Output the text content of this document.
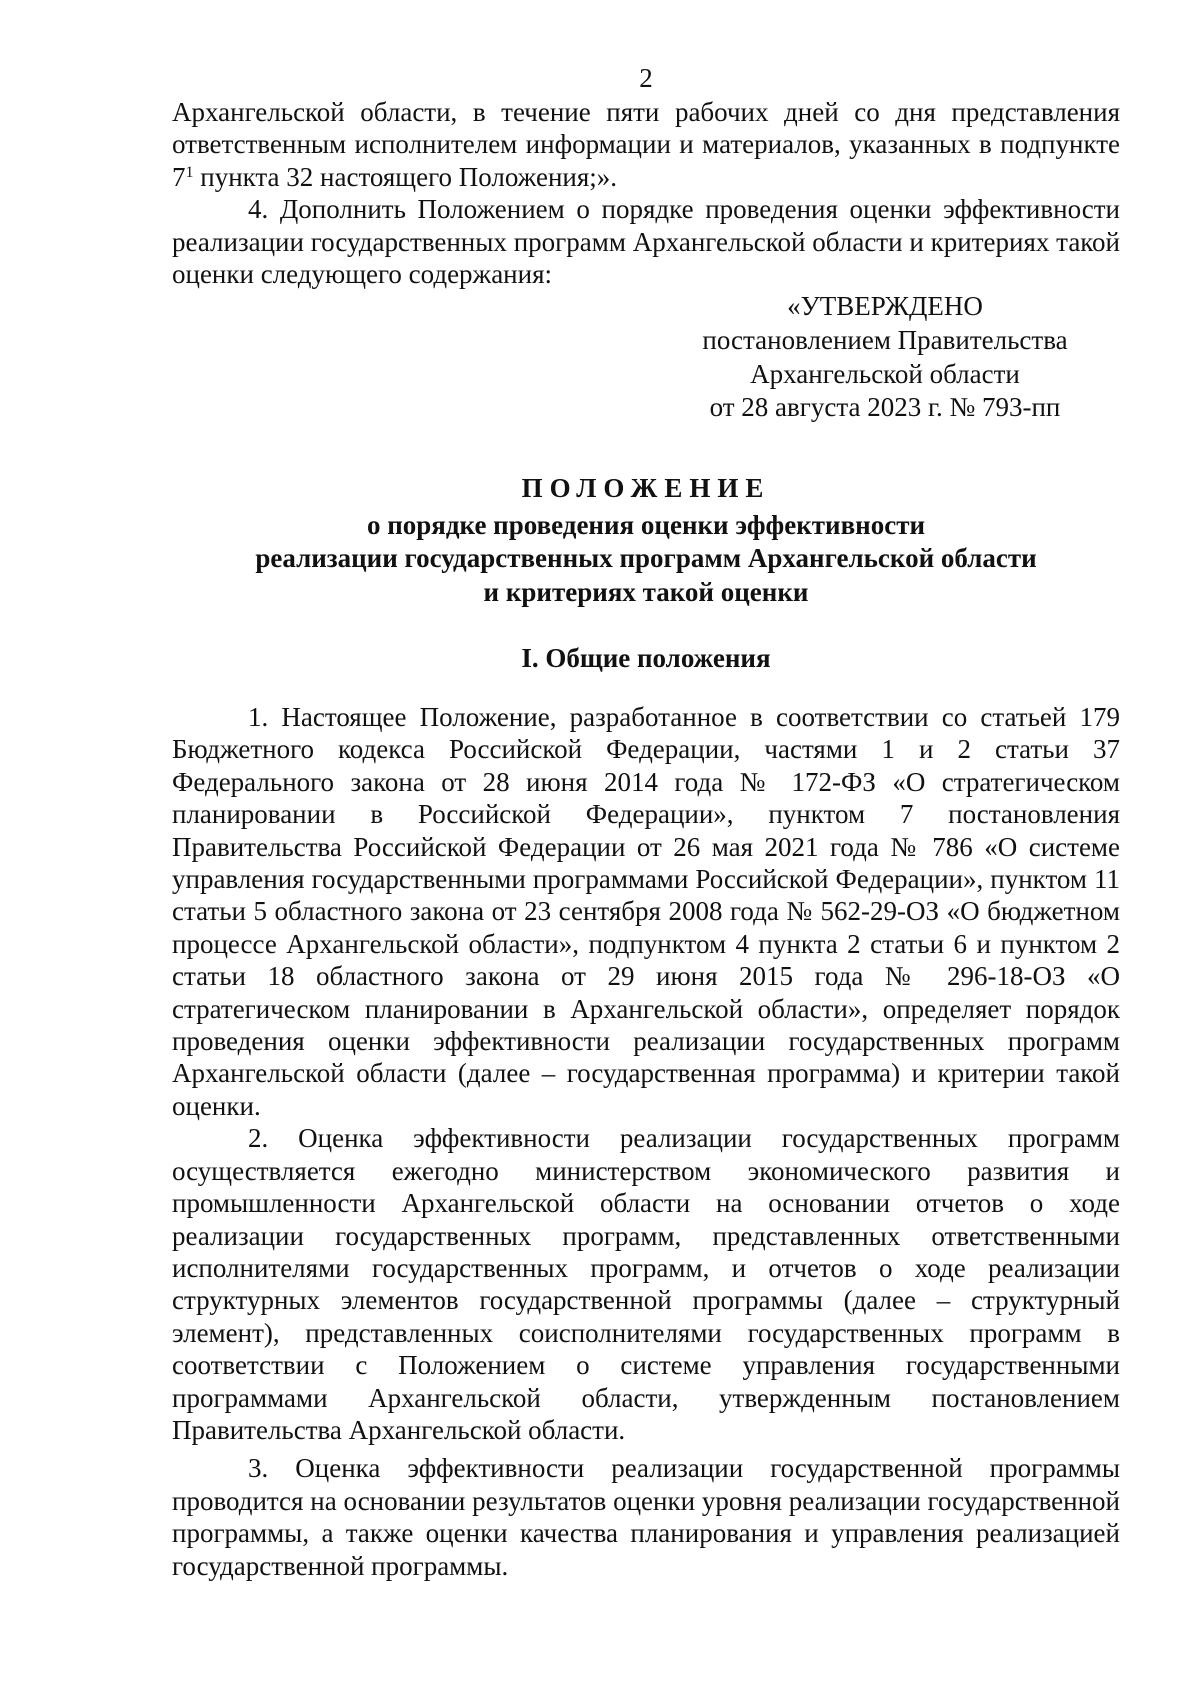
2

Архангельской области, в течение пяти рабочих дней со дня представления ответственным исполнителем информации и материалов, указанных в подпункте $7^1$ пункта 32 настоящего Положения;».

4. Дополнить Положением о порядке проведения оценки эффективности реализации государственных программ Архангельской области и критериях такой оценки следующего содержания:

«УТВЕРЖДЕНО
постановлением Правительства
Архангельской области
от 28 августа 2023 г. № 793-пп
ПОЛОЖЕНИЕ
о порядке проведения оценки эффективности
реализации государственных программ Архангельской области
и критериях такой оценки
I. Общие положения

1. Настоящее Положение, разработанное в соответствии со статьей 179 Бюджетного кодекса Российской Федерации, частями 1 и 2 статьи 37 Федерального закона от 28 июня 2014 года № 172-ФЗ «О стратегическом планировании в Российской Федерации», пунктом 7 постановления Правительства Российской Федерации от 26 мая 2021 года № 786 «О системе управления государственными программами Российской Федерации», пунктом 11 статьи 5 областного закона от 23 сентября 2008 года № 562-29-ОЗ «О бюджетном процессе Архангельской области», подпунктом 4 пункта 2 статьи 6 и пунктом 2 статьи 18 областного закона от 29 июня 2015 года № 296-18-ОЗ «О стратегическом планировании в Архангельской области», определяет порядок проведения оценки эффективности реализации государственных программ Архангельской области (далее – государственная программа) и критерии такой оценки.

2. Оценка эффективности реализации государственных программ осуществляется ежегодно министерством экономического развития и промышленности Архангельской области на основании отчетов о ходе реализации государственных программ, представленных ответственными исполнителями государственных программ, и отчетов о ходе реализации структурных элементов государственной программы (далее – структурный элемент), представленных соисполнителями государственных программ в соответствии с Положением о системе управления государственными программами Архангельской области, утвержденным постановлением Правительства Архангельской области.

3. Оценка эффективности реализации государственной программы проводится на основании результатов оценки уровня реализации государственной программы, а также оценки качества планирования и управления реализацией государственной программы.
